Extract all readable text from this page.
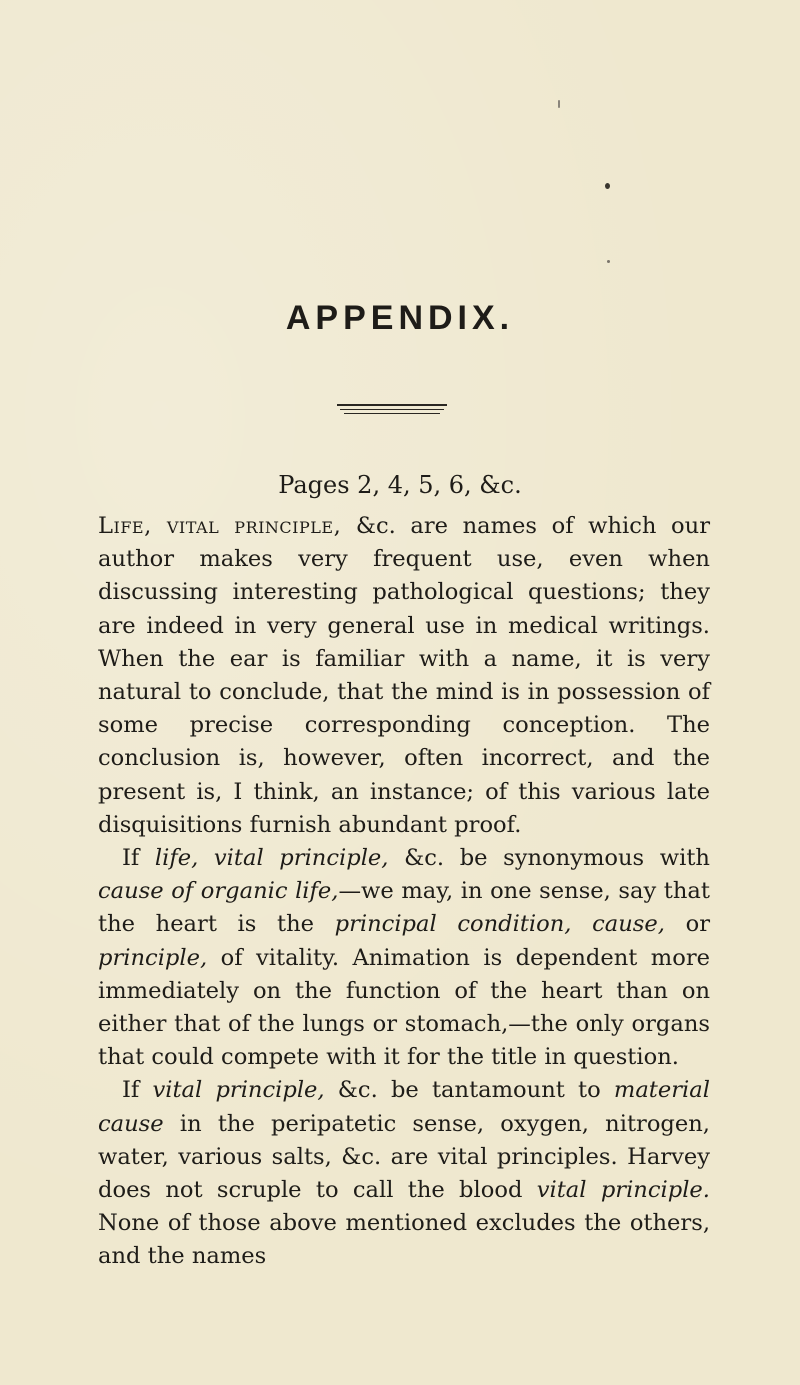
APPENDIX.
Pages 2, 4, 5, 6, &c.

Life, vital principle, &c. are names of which our author makes very frequent use, even when discussing interesting pathological questions; they are indeed in very general use in medical writings. When the ear is familiar with a name, it is very natural to conclude, that the mind is in possession of some precise corresponding conception. The conclusion is, however, often incorrect, and the present is, I think, an instance; of this various late disquisitions furnish abundant proof.

If life, vital principle, &c. be synonymous with cause of organic life,—we may, in one sense, say that the heart is the principal condition, cause, or principle, of vitality. Animation is dependent more immediately on the function of the heart than on either that of the lungs or stomach,—the only organs that could compete with it for the title in question.

If vital principle, &c. be tantamount to material cause in the peripatetic sense, oxygen, nitrogen, water, various salts, &c. are vital principles. Harvey does not scruple to call the blood vital principle. None of those above mentioned excludes the others, and the names
